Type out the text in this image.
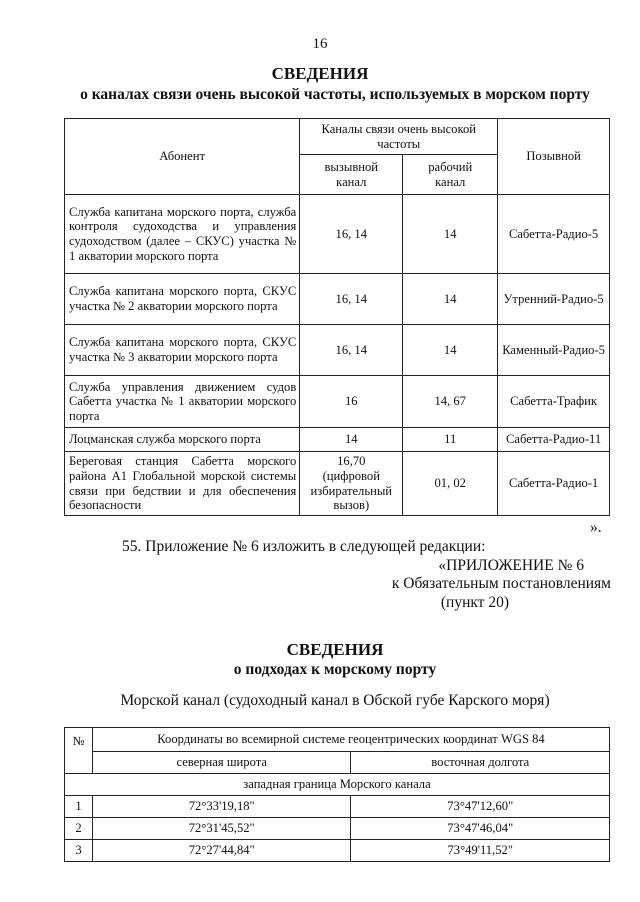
16
СВЕДЕНИЯ
о каналах связи очень высокой частоты, используемых в морском порту
Абонент	Каналы связи очень высокой частоты		Позывной
	вызывной канал	рабочий канал	
Служба капитана морского порта, служба контроля судоходства и управления судоходством (далее – СКУС) участка № 1 акватории морского порта	16, 14	14	Сабетта-Радио-5
Служба капитана морского порта, СКУС участка № 2 акватории морского порта	16, 14	14	Утренний-Радио-5
Служба капитана морского порта, СКУС участка № 3 акватории морского порта	16, 14	14	Каменный-Радио-5
Служба управления движением судов Сабетта участка № 1 акватории морского порта	16	14, 67	Сабетта-Трафик
Лоцманская служба морского порта	14	11	Сабетта-Радио-11
Береговая станция Сабетта морского района А1 Глобальной морской системы связи при бедствии и для обеспечения безопасности	16,70 (цифровой избирательный вызов)	01, 02	Сабетта-Радио-1
».
55. Приложение № 6 изложить в следующей редакции:
«ПРИЛОЖЕНИЕ № 6
к Обязательным постановлениям
(пункт 20)
СВЕДЕНИЯ
о подходах к морскому порту
Морской канал (судоходный канал в Обской губе Карского моря)
№	Координаты во всемирной системе геоцентрических координат WGS 84	
	северная широта	восточная долгота
западная граница Морского канала		
1	72°33'19,18"	73°47'12,60"
2	72°31'45,52"	73°47'46,04"
3	72°27'44,84"	73°49'11,52"
